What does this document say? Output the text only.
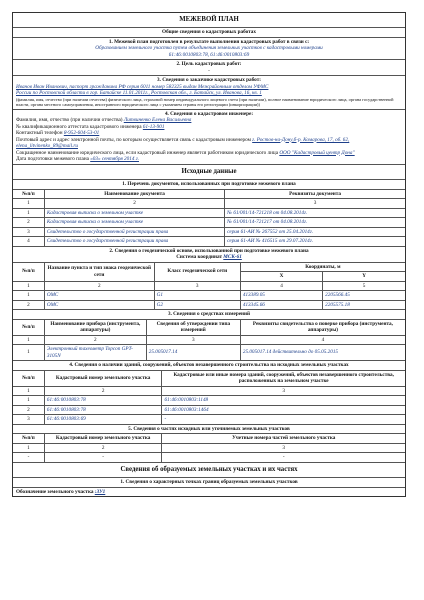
МЕЖЕВОЙ ПЛАН
Общие сведения о кадастровых работах
1. Межевой план подготовлен в результате выполнения кадастровых работ в связи с:
Образованием земельного участка путем объединения земельных участков с кадастровыми номерами
61:46:0010803:78, 61:46:0010803:69
2. Цель кадастровых работ:
-
3. Сведения о заказчике кадастровых работ:
Иванов Иван Иванович, паспорт гражданина РФ серия 6011 номер 582325 выдан Межрайонным отделом УФМС
России по Ростовской области в гор. Батайске 11.01.2011г., Ростовская обл., г. Батайск, ул. Иванова, 16, кв. 1
(фамилия, имя, отчество (при наличии отчества) физического лица, страховой номер индивидуального лицевого счета (при наличии), полное наименование юридического лица, органа государственной власти, органа местного самоуправления, иностранного юридического лица с указанием страны его регистрации (инкорпорации))
4. Сведения о кадастровом инженере:
Фамилия, имя, отчество (при наличии отчества) Литвиненко Елена Васильевна
№ квалификационного аттестата кадастрового инженера 61-13-901
Контактный телефон 8-952-604-53-01
Почтовый адрес и адрес электронной почты, по которым осуществляется связь с кадастровым инженером г. Ростов-на-Дону,б-р. Комарова, 17, об. 62, elena_litvinenko_89@mail.ru
Сокращенное наименование юридического лица, если кадастровый инженер является работником юридического лица ООО "Кадастровый центр Дона"
Дата подготовки межевого плана «03» сентября 2014 г.
Исходные данные
1. Перечень документов, использованных при подготовке межевого плана
№п/п	Наименование документа	Реквизиты документа
1	2	3
1	Кадастровая выписка о земельном участке	№ 61/001/14-721218 от 04.08.2014г.
2	Кадастровая выписка о земельном участке	№ 61/001/14-721217 от 04.08.2014г.
3	Свидетельство о государственной регистрации права	серия 61-АИ № 267552 от 25.04.2014г.
4	Свидетельство о государственной регистрации права	серия 61-АИ № 416515 от 29.07.2014г.
2. Сведения о геодезической основе, использованной при подготовке межевого плана
Система координат МСК-61
№п/п	Название пункта и тип знака геодезической сети	Класс геодезической сети	Координаты, м	
			X	Y
1	2	3	4	5
1	ОМС	G1	413389.05	2205566.45
2	ОМС	G2	413345.66	2205575.18
3. Сведения о средствах измерений
№п/п	Наименование прибора (инструмента, аппаратуры)	Сведения об утверждении типа измерений	Реквизиты свидетельства о поверке прибора (инструмента, аппаратуры)
1	2	3	4
1	Электронный тахеометр Topcon GPT-3105N	25.005017.14	25.005017.14 действительно до 05.05.2015
4. Сведения о наличии зданий, сооружений, объектов незавершенного строительства на исходных земельных участках
№п/п	Кадастровый номер земельного участка	Кадастровые или иные номера зданий, сооружений, объектов незавершенного строительства, расположенных на земельном участке
1	2	3
1	61:46:0010803:78	61:46:0010803:1148
2	61:46:0010803:78	61:46:0010803:1464
3	61:46:0010803:69	-
5. Сведения о частях исходных или уточняемых земельных участков
№п/п	Кадастровый номер земельного участка	Учетные номера частей земельного участка
1	2	3
-	-	-
Сведения об образуемых земельных участках и их частях
1. Сведения о характерных точках границ образуемых земельных участков
Обозначение земельного участка :ЗУ1
